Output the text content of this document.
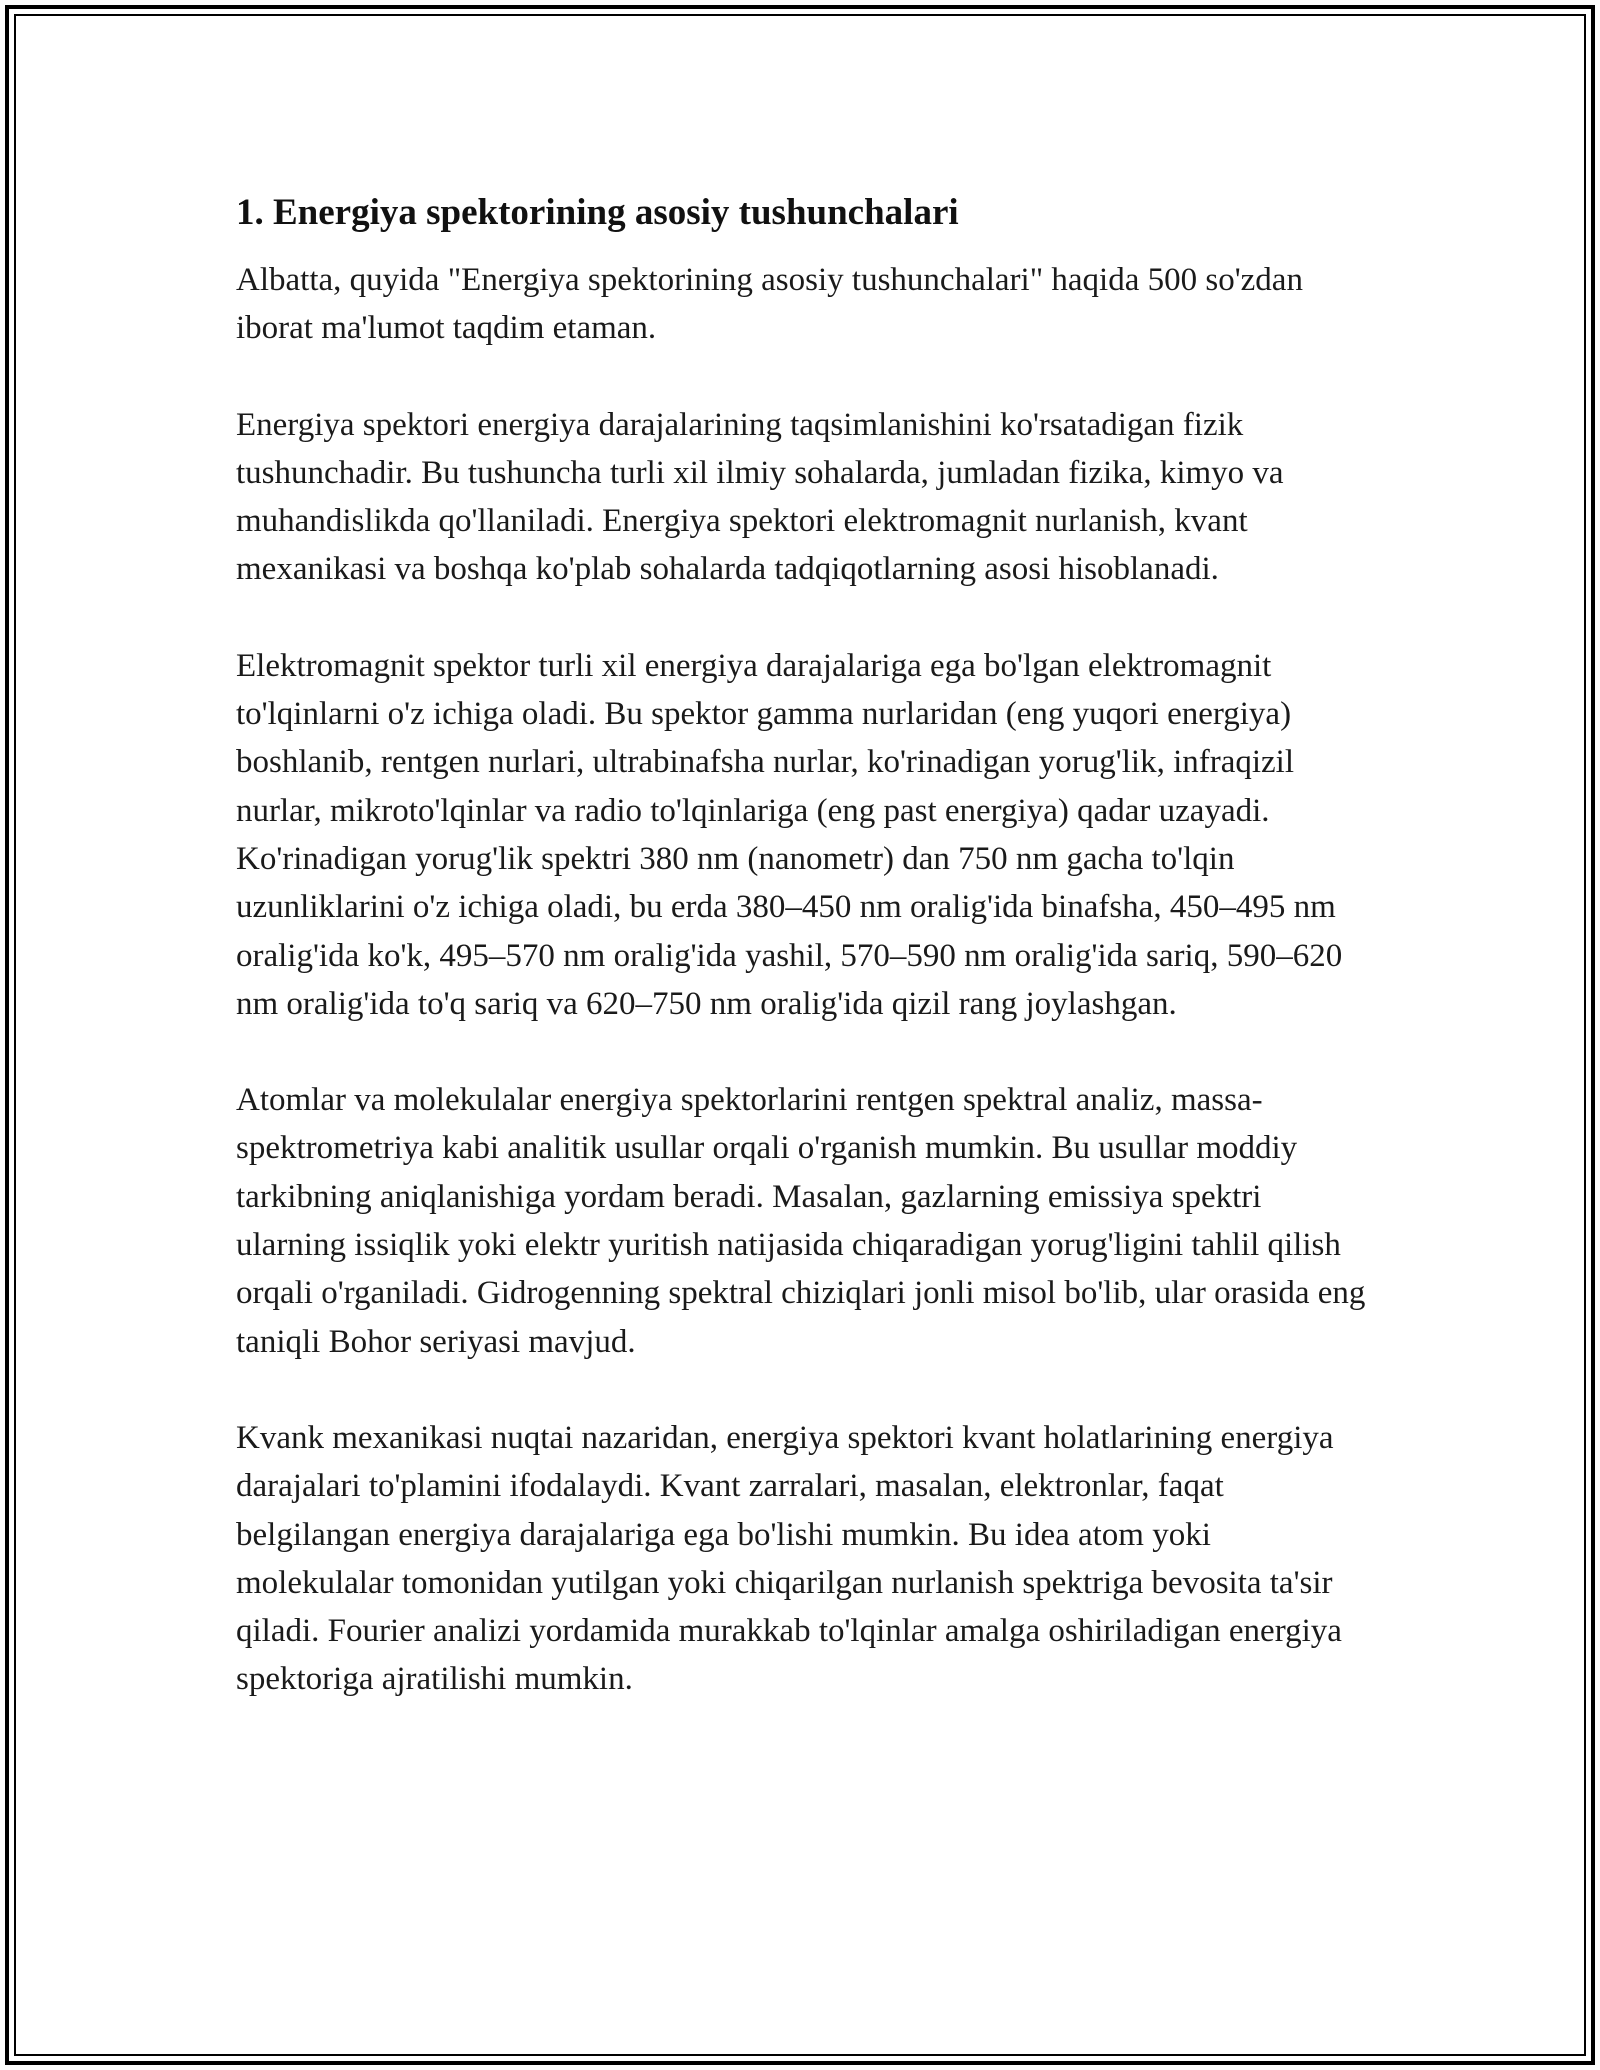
1. Energiya spektorining asosiy tushunchalari

Albatta, quyida "Energiya spektorining asosiy tushunchalari" haqida 500 so'zdan iborat ma'lumot taqdim etaman.

Energiya spektori energiya darajalarining taqsimlanishini ko'rsatadigan fizik tushunchadir. Bu tushuncha turli xil ilmiy sohalarda, jumladan fizika, kimyo va muhandislikda qo'llaniladi. Energiya spektori elektromagnit nurlanish, kvant mexanikasi va boshqa ko'plab sohalarda tadqiqotlarning asosi hisoblanadi.

Elektromagnit spektor turli xil energiya darajalariga ega bo'lgan elektromagnit to'lqinlarni o'z ichiga oladi. Bu spektor gamma nurlaridan (eng yuqori energiya) boshlanib, rentgen nurlari, ultrabinafsha nurlar, ko'rinadigan yorug'lik, infraqizil nurlar, mikroto'lqinlar va radio to'lqinlariga (eng past energiya) qadar uzayadi. Ko'rinadigan yorug'lik spektri 380 nm (nanometr) dan 750 nm gacha to'lqin uzunliklarini o'z ichiga oladi, bu erda 380–450 nm oralig'ida binafsha, 450–495 nm oralig'ida ko'k, 495–570 nm oralig'ida yashil, 570–590 nm oralig'ida sariq, 590–620 nm oralig'ida to'q sariq va 620–750 nm oralig'ida qizil rang joylashgan.

Atomlar va molekulalar energiya spektorlarini rentgen spektral analiz, massa-spektrometriya kabi analitik usullar orqali o'rganish mumkin. Bu usullar moddiy tarkibning aniqlanishiga yordam beradi. Masalan, gazlarning emissiya spektri ularning issiqlik yoki elektr yuritish natijasida chiqaradigan yorug'ligini tahlil qilish orqali o'rganiladi. Gidrogenning spektral chiziqlari jonli misol bo'lib, ular orasida eng taniqli Bohor seriyasi mavjud.

Kvank mexanikasi nuqtai nazaridan, energiya spektori kvant holatlarining energiya darajalari to'plamini ifodalaydi. Kvant zarralari, masalan, elektronlar, faqat belgilangan energiya darajalariga ega bo'lishi mumkin. Bu idea atom yoki molekulalar tomonidan yutilgan yoki chiqarilgan nurlanish spektriga bevosita ta'sir qiladi. Fourier analizi yordamida murakkab to'lqinlar amalga oshiriladigan energiya spektoriga ajratilishi mumkin.
